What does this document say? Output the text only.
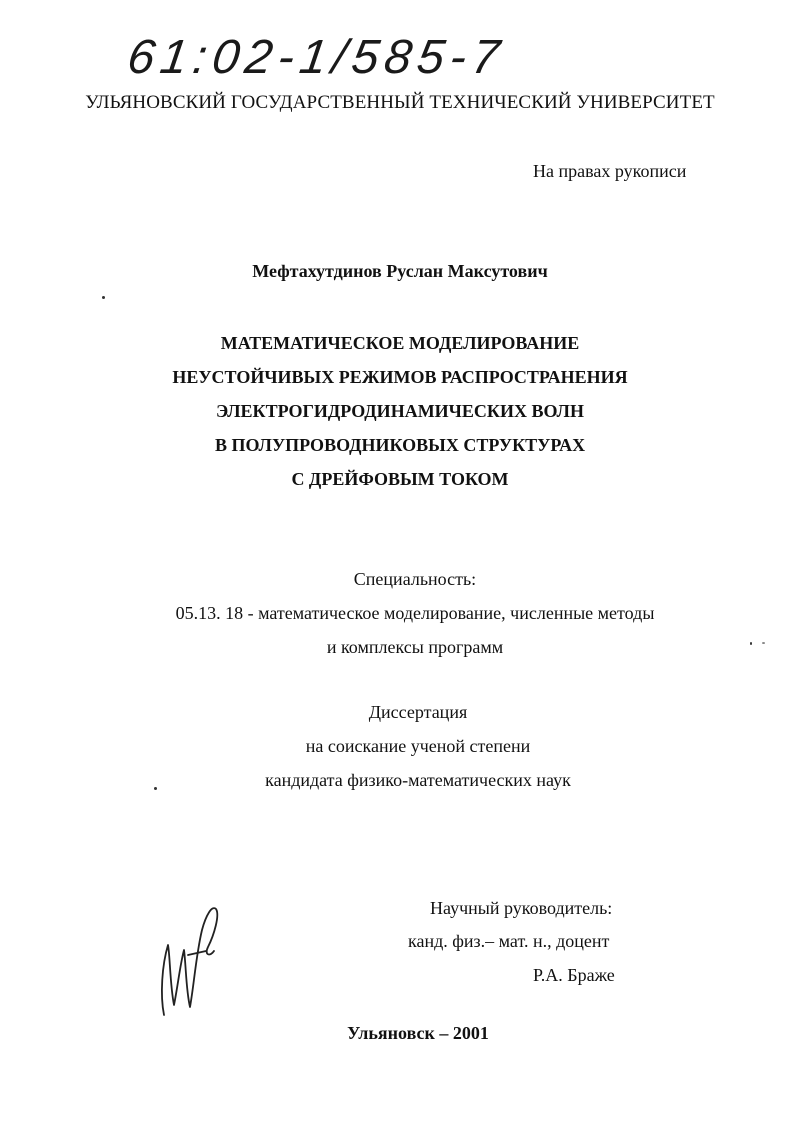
61:02-1/585-7
УЛЬЯНОВСКИЙ ГОСУДАРСТВЕННЫЙ ТЕХНИЧЕСКИЙ УНИВЕРСИТЕТ
На правах рукописи
Мефтахутдинов Руслан Максутович
МАТЕМАТИЧЕСКОЕ МОДЕЛИРОВАНИЕ
НЕУСТОЙЧИВЫХ РЕЖИМОВ РАСПРОСТРАНЕНИЯ
ЭЛЕКТРОГИДРОДИНАМИЧЕСКИХ ВОЛН
В ПОЛУПРОВОДНИКОВЫХ СТРУКТУРАХ
С ДРЕЙФОВЫМ ТОКОМ
Специальность:
05.13. 18 - математическое моделирование, численные методы
и комплексы программ
Диссертация
на соискание ученой степени
кандидата физико-математических наук
Научный руководитель:
канд. физ.– мат. н., доцент
Р.А. Браже
Ульяновск – 2001
